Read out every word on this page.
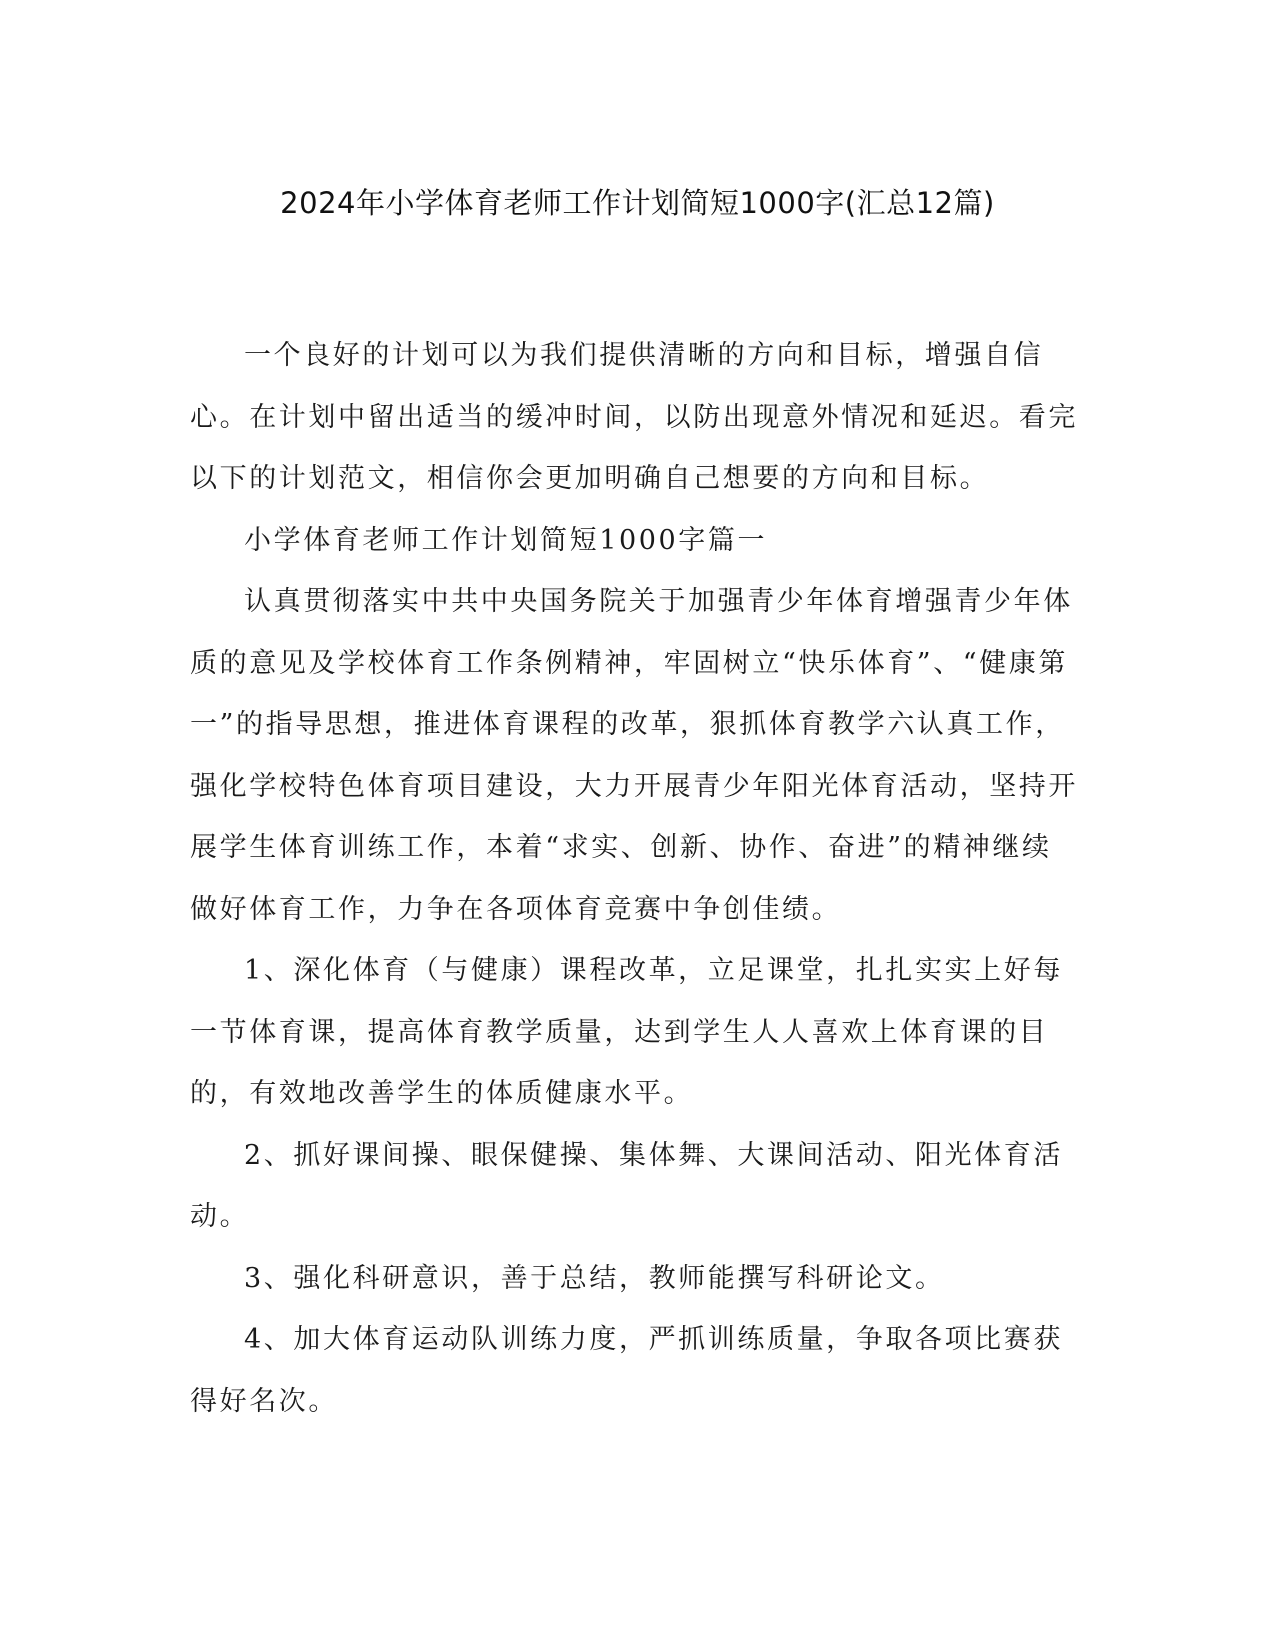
2024年小学体育老师工作计划简短1000字(汇总12篇)

一个良好的计划可以为我们提供清晰的方向和目标，增强自信心。在计划中留出适当的缓冲时间，以防出现意外情况和延迟。看完以下的计划范文，相信你会更加明确自己想要的方向和目标。

小学体育老师工作计划简短1000字篇一

认真贯彻落实中共中央国务院关于加强青少年体育增强青少年体质的意见及学校体育工作条例精神，牢固树立“快乐体育”、“健康第一”的指导思想，推进体育课程的改革，狠抓体育教学六认真工作，强化学校特色体育项目建设，大力开展青少年阳光体育活动，坚持开展学生体育训练工作，本着“求实、创新、协作、奋进”的精神继续做好体育工作，力争在各项体育竞赛中争创佳绩。

1、深化体育（与健康）课程改革，立足课堂，扎扎实实上好每一节体育课，提高体育教学质量，达到学生人人喜欢上体育课的目的，有效地改善学生的体质健康水平。

2、抓好课间操、眼保健操、集体舞、大课间活动、阳光体育活动。

3、强化科研意识，善于总结，教师能撰写科研论文。

4、加大体育运动队训练力度，严抓训练质量，争取各项比赛获得好名次。
